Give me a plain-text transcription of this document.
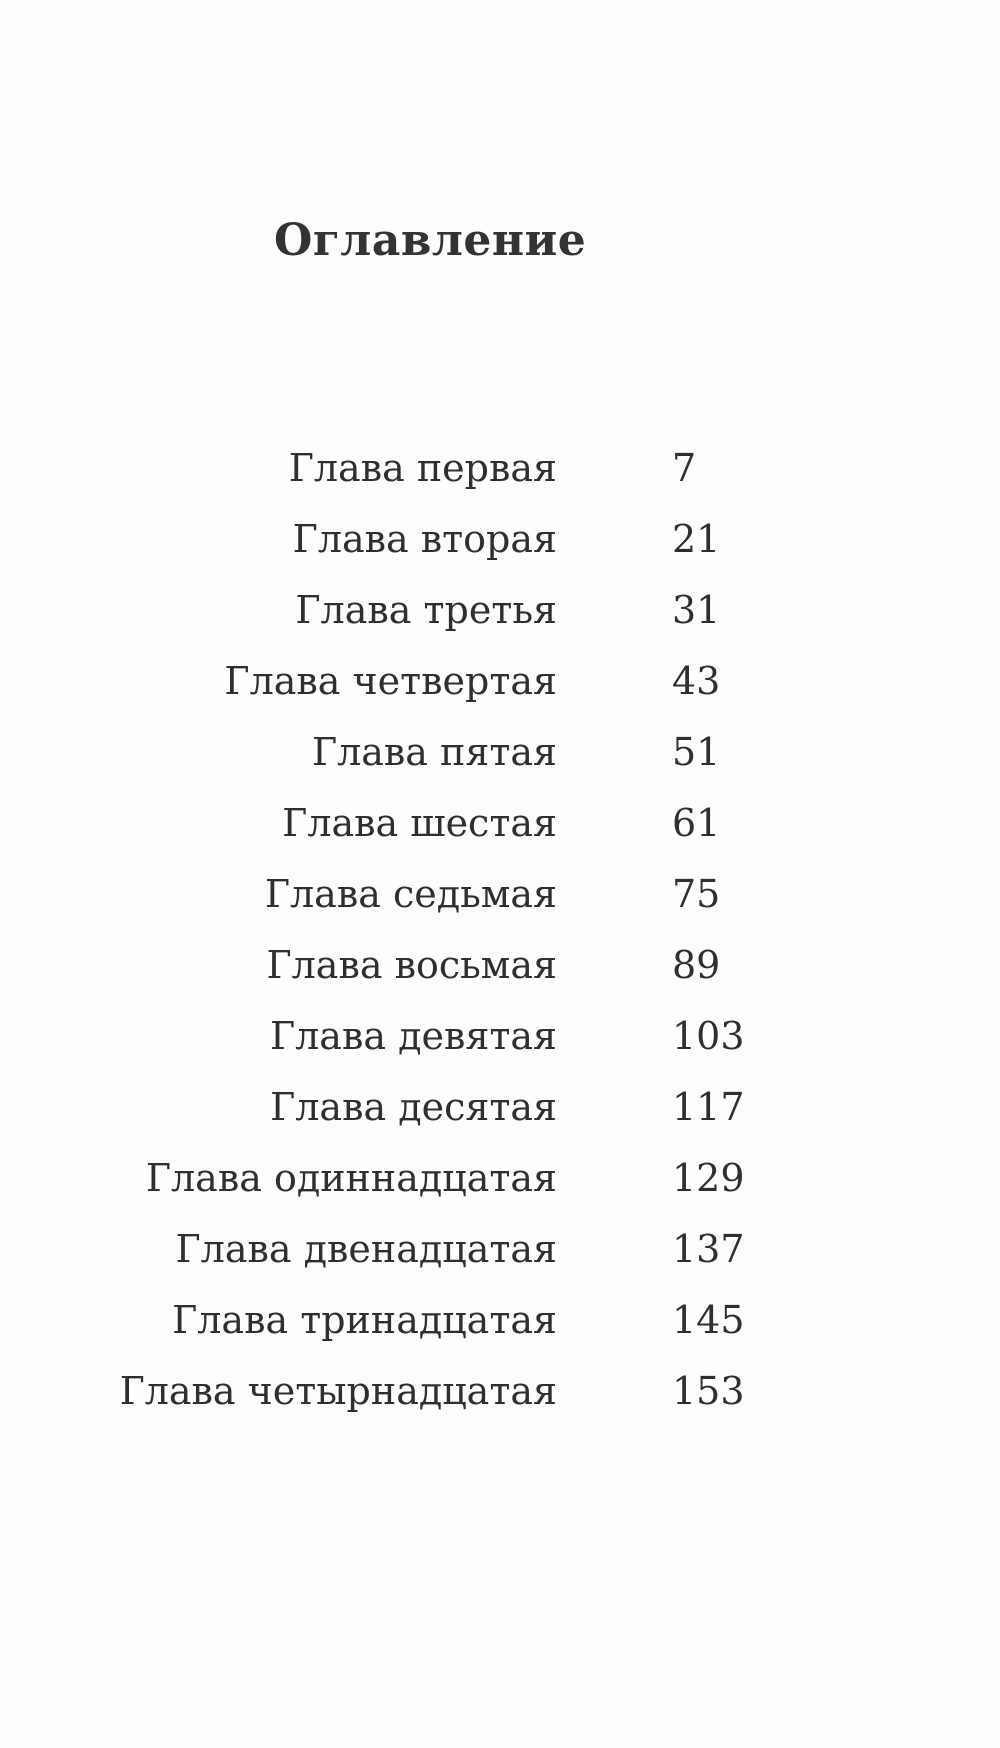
Оглавление
Глава первая	7
Глава вторая	21
Глава третья	31
Глава четвертая	43
Глава пятая	51
Глава шестая	61
Глава седьмая	75
Глава восьмая	89
Глава девятая	103
Глава десятая	117
Глава одиннадцатая	129
Глава двенадцатая	137
Глава тринадцатая	145
Глава четырнадцатая	153
